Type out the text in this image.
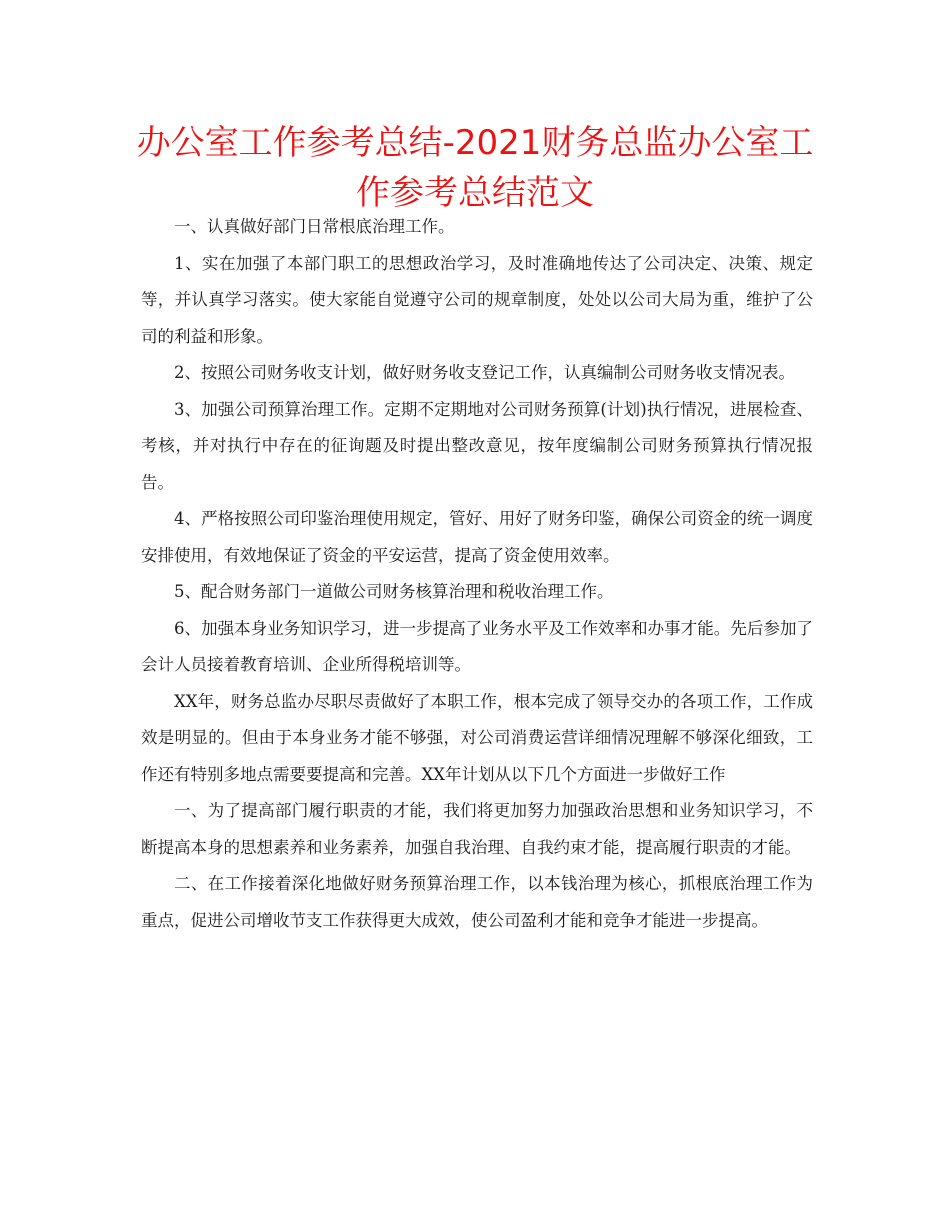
办公室工作参考总结-2021财务总监办公室工作参考总结范文

一、认真做好部门日常根底治理工作。

1、实在加强了本部门职工的思想政治学习，及时准确地传达了公司决定、决策、规定等，并认真学习落实。使大家能自觉遵守公司的规章制度，处处以公司大局为重，维护了公司的利益和形象。

2、按照公司财务收支计划，做好财务收支登记工作，认真编制公司财务收支情况表。

3、加强公司预算治理工作。定期不定期地对公司财务预算(计划)执行情况，进展检查、考核，并对执行中存在的征询题及时提出整改意见，按年度编制公司财务预算执行情况报告。

4、严格按照公司印鉴治理使用规定，管好、用好了财务印鉴，确保公司资金的统一调度安排使用，有效地保证了资金的平安运营，提高了资金使用效率。

5、配合财务部门一道做公司财务核算治理和税收治理工作。

6、加强本身业务知识学习，进一步提高了业务水平及工作效率和办事才能。先后参加了会计人员接着教育培训、企业所得税培训等。

XX年，财务总监办尽职尽责做好了本职工作，根本完成了领导交办的各项工作，工作成效是明显的。但由于本身业务才能不够强，对公司消费运营详细情况理解不够深化细致，工作还有特别多地点需要要提高和完善。XX年计划从以下几个方面进一步做好工作

一、为了提高部门履行职责的才能，我们将更加努力加强政治思想和业务知识学习，不断提高本身的思想素养和业务素养，加强自我治理、自我约束才能，提高履行职责的才能。

二、在工作接着深化地做好财务预算治理工作，以本钱治理为核心，抓根底治理工作为重点，促进公司增收节支工作获得更大成效，使公司盈利才能和竞争才能进一步提高。
